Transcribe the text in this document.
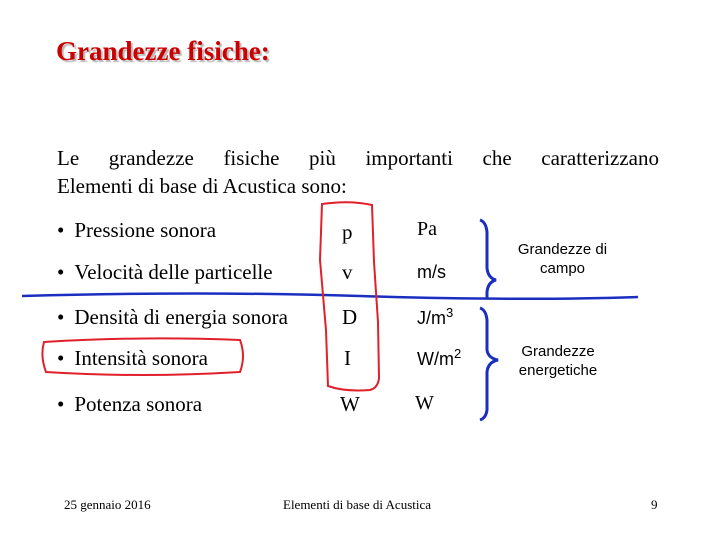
Grandezze fisiche:
Le grandezze fisiche più importanti che caratterizzano
Elementi di base di Acustica sono:
• Pressione sonora	p	Pa
• Velocità delle particelle	v	m/s
• Densità di energia sonora	D	$J/m^3$
• Intensità sonora	I	$W/m^2$
• Potenza sonora	W	W
Grandezze di
campo
Grandezze
energetiche
25 gennaio 2016	Elementi di base di Acustica	9
